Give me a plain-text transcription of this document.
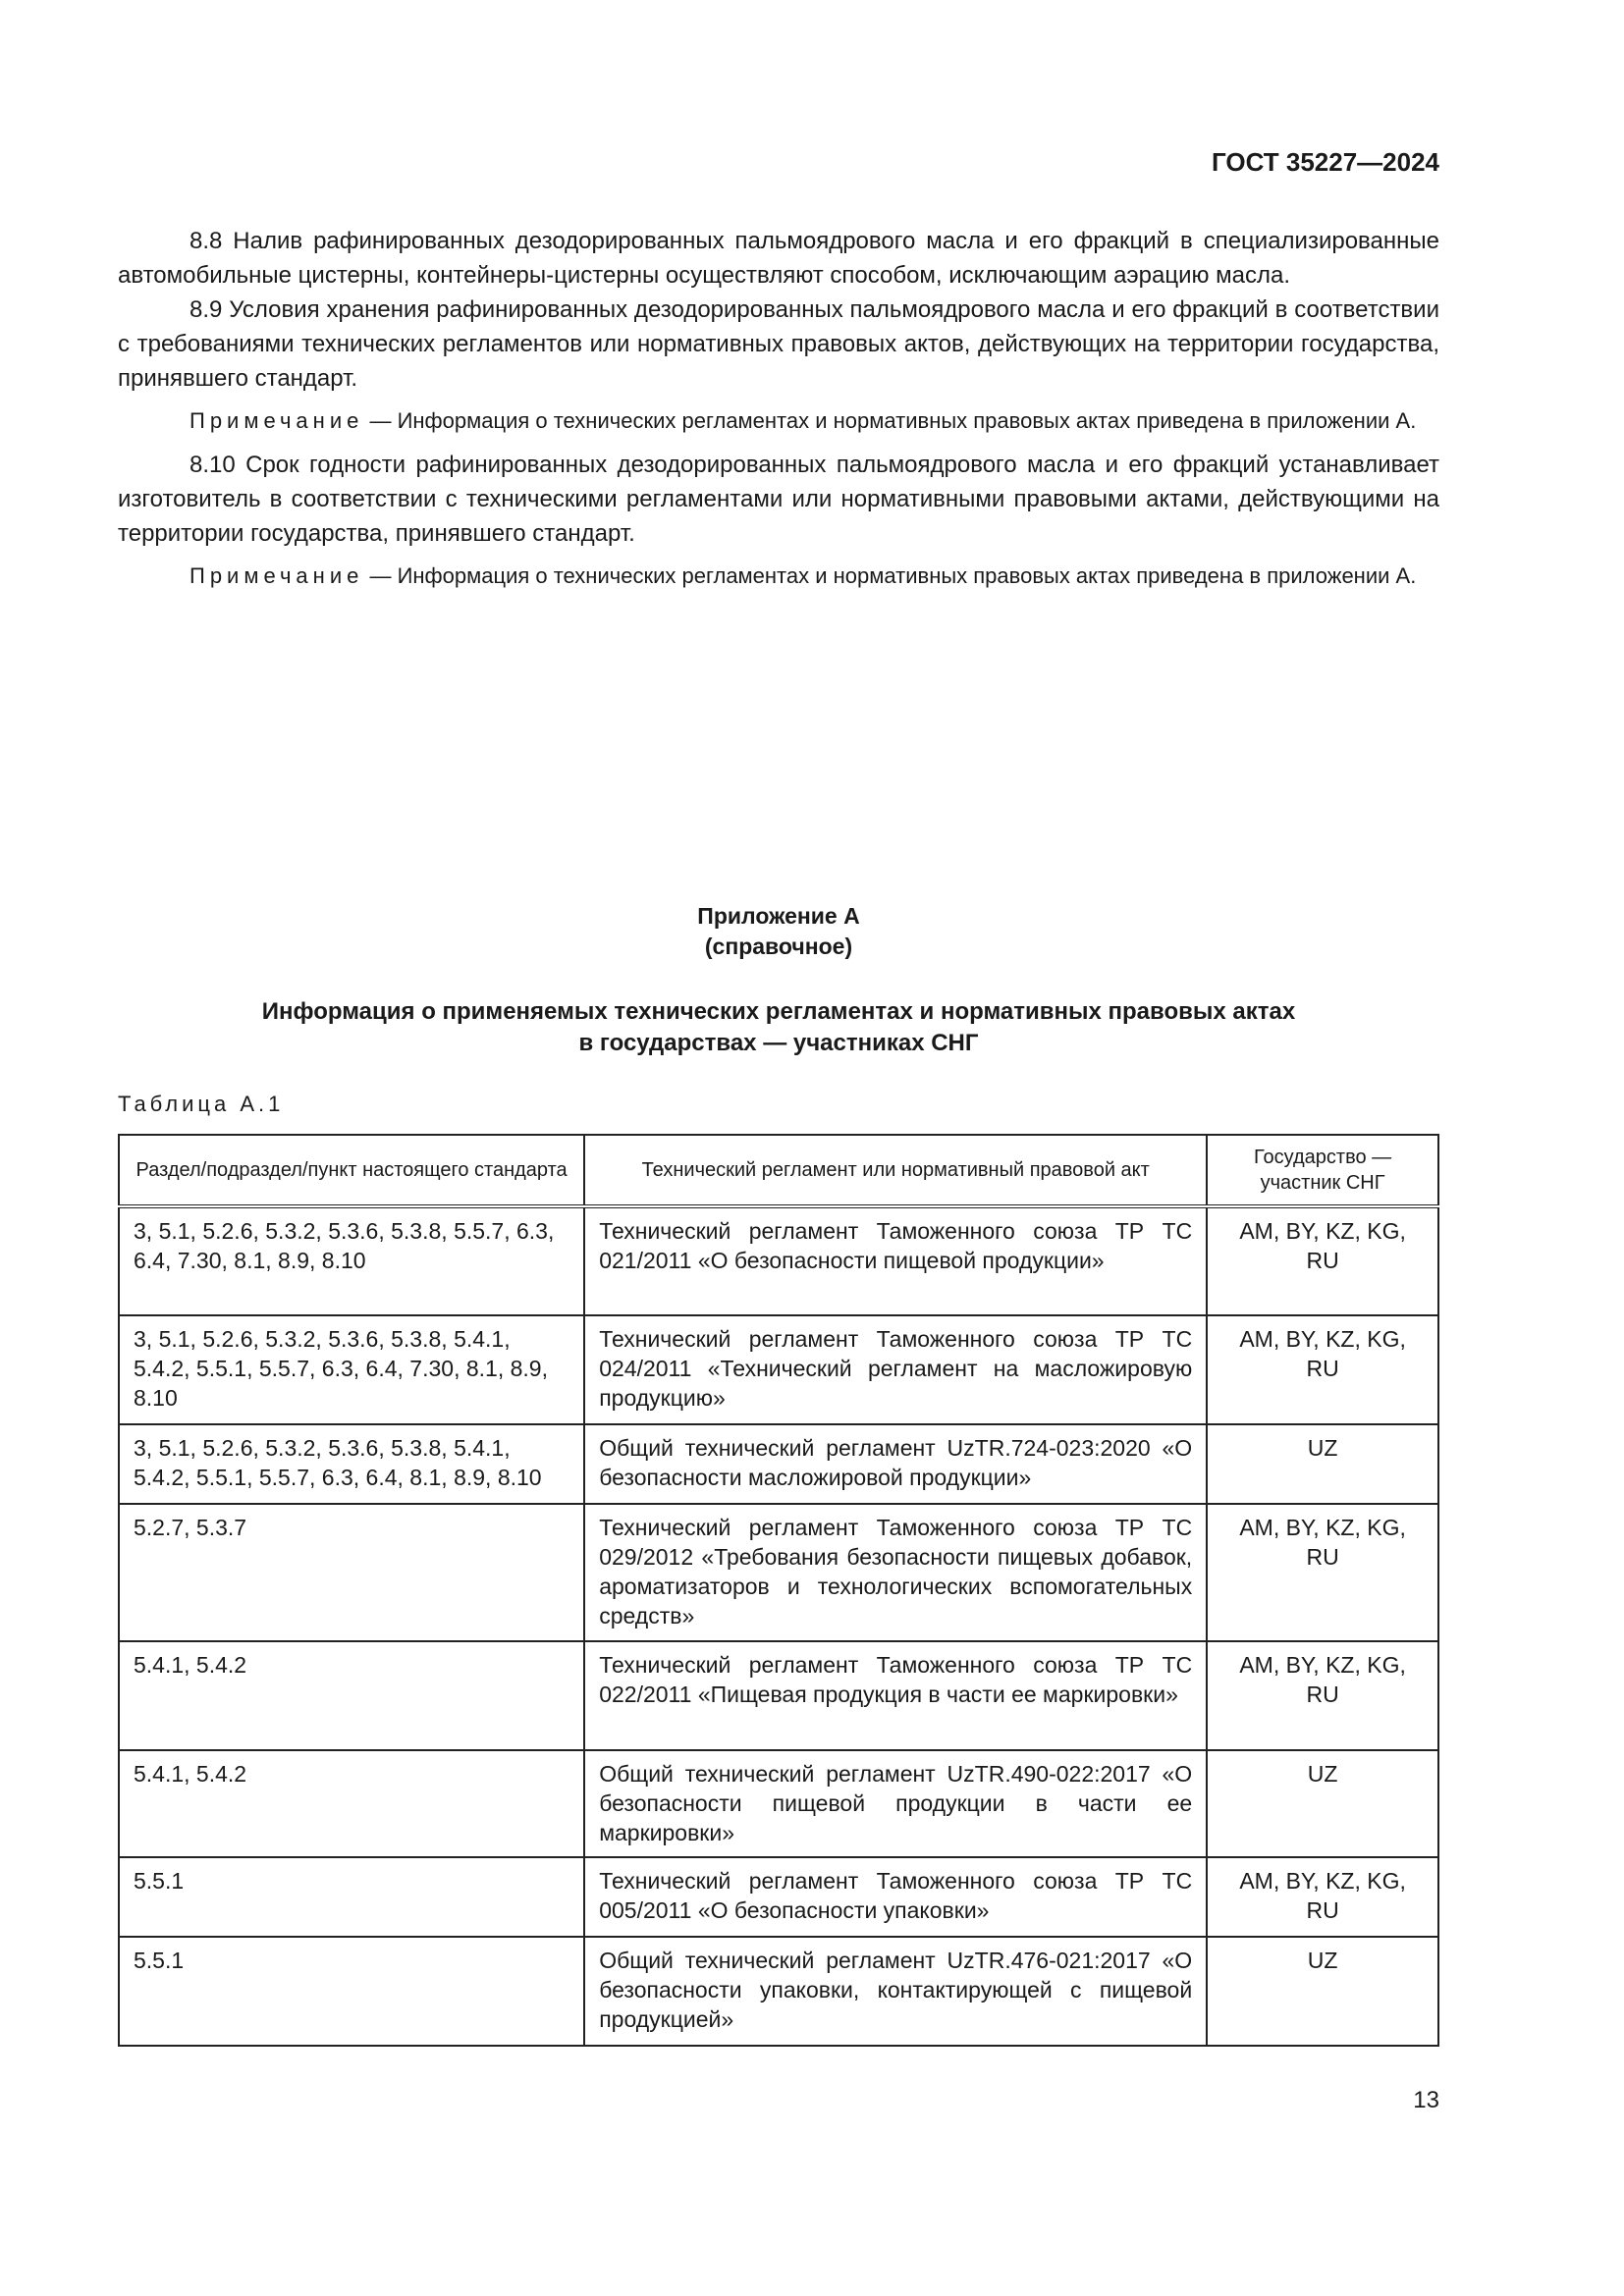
ГОСТ 35227—2024

8.8 Налив рафинированных дезодорированных пальмоядрового масла и его фракций в специализированные автомобильные цистерны, контейнеры-цистерны осуществляют способом, исключающим аэрацию масла.

8.9 Условия хранения рафинированных дезодорированных пальмоядрового масла и его фракций в соответствии с требованиями технических регламентов или нормативных правовых актов, действующих на территории государства, принявшего стандарт.

Примечание — Информация о технических регламентах и нормативных правовых актах приведена в приложении А.

8.10 Срок годности рафинированных дезодорированных пальмоядрового масла и его фракций устанавливает изготовитель в соответствии с техническими регламентами или нормативными правовыми актами, действующими на территории государства, принявшего стандарт.

Примечание — Информация о технических регламентах и нормативных правовых актах приведена в приложении А.

Приложение А
(справочное)
Информация о применяемых технических регламентах и нормативных правовых актах
в государствах — участниках СНГ
Таблица А.1
Раздел/подраздел/пункт настоящего стандарта	Технический регламент или нормативный правовой акт	Государство — участник СНГ
3, 5.1, 5.2.6, 5.3.2, 5.3.6, 5.3.8, 5.5.7, 6.3, 6.4, 7.30, 8.1, 8.9, 8.10	Технический регламент Таможенного союза ТР ТС 021/2011 «О безопасности пищевой продукции»	AM, BY, KZ, KG, RU
3, 5.1, 5.2.6, 5.3.2, 5.3.6, 5.3.8, 5.4.1, 5.4.2, 5.5.1, 5.5.7, 6.3, 6.4, 7.30, 8.1, 8.9, 8.10	Технический регламент Таможенного союза ТР ТС 024/2011 «Технический регламент на масложировую продукцию»	AM, BY, KZ, KG, RU
3, 5.1, 5.2.6, 5.3.2, 5.3.6, 5.3.8, 5.4.1, 5.4.2, 5.5.1, 5.5.7, 6.3, 6.4, 8.1, 8.9, 8.10	Общий технический регламент UzTR.724-023:2020 «О безопасности масложировой продукции»	UZ
5.2.7, 5.3.7	Технический регламент Таможенного союза ТР ТС 029/2012 «Требования безопасности пищевых добавок, ароматизаторов и технологических вспомогательных средств»	AM, BY, KZ, KG, RU
5.4.1, 5.4.2	Технический регламент Таможенного союза ТР ТС 022/2011 «Пищевая продукция в части ее маркировки»	AM, BY, KZ, KG, RU
5.4.1, 5.4.2	Общий технический регламент UzTR.490-022:2017 «О безопасности пищевой продукции в части ее маркировки»	UZ
5.5.1	Технический регламент Таможенного союза ТР ТС 005/2011 «О безопасности упаковки»	AM, BY, KZ, KG, RU
5.5.1	Общий технический регламент UzTR.476-021:2017 «О безопасности упаковки, контактирующей с пищевой продукцией»	UZ
13
